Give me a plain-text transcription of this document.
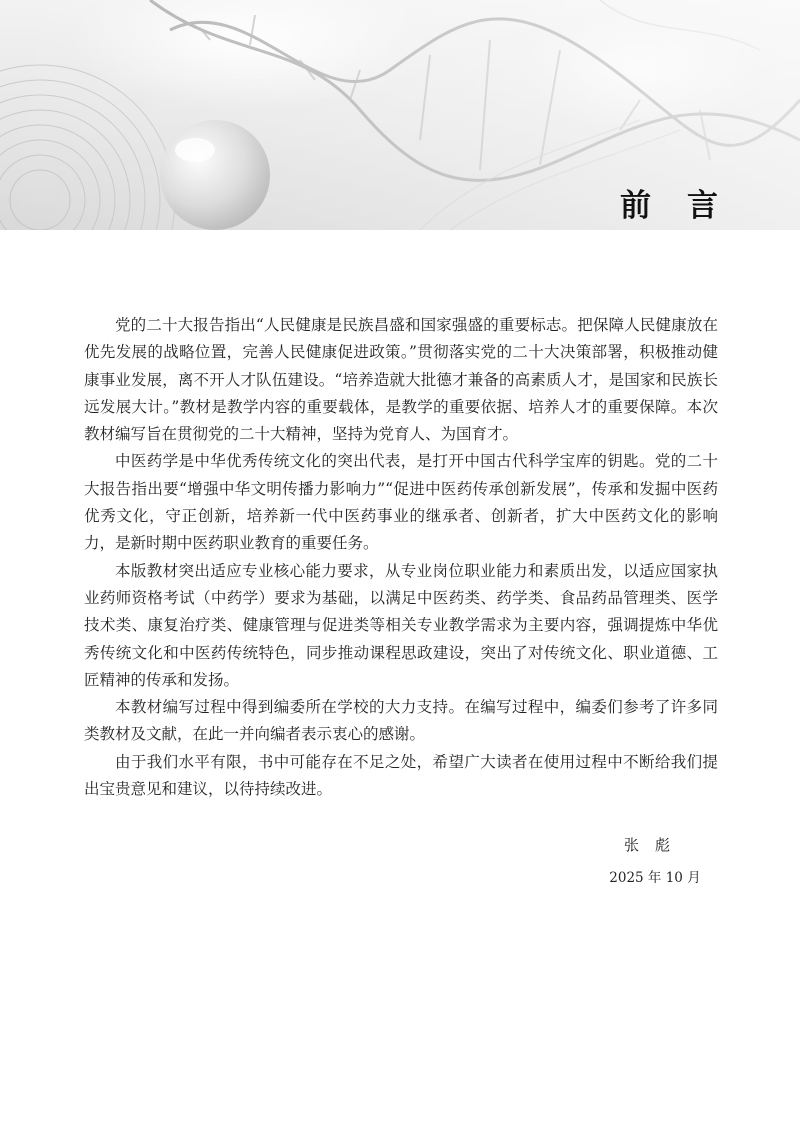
前言

党的二十大报告指出“人民健康是民族昌盛和国家强盛的重要标志。把保障人民健康放在优先发展的战略位置，完善人民健康促进政策。”贯彻落实党的二十大决策部署，积极推动健康事业发展，离不开人才队伍建设。“培养造就大批德才兼备的高素质人才，是国家和民族长远发展大计。”教材是教学内容的重要载体，是教学的重要依据、培养人才的重要保障。本次教材编写旨在贯彻党的二十大精神，坚持为党育人、为国育才。

中医药学是中华优秀传统文化的突出代表，是打开中国古代科学宝库的钥匙。党的二十大报告指出要“增强中华文明传播力影响力”“促进中医药传承创新发展”，传承和发掘中医药优秀文化，守正创新，培养新一代中医药事业的继承者、创新者，扩大中医药文化的影响力，是新时期中医药职业教育的重要任务。

本版教材突出适应专业核心能力要求，从专业岗位职业能力和素质出发，以适应国家执业药师资格考试（中药学）要求为基础，以满足中医药类、药学类、食品药品管理类、医学技术类、康复治疗类、健康管理与促进类等相关专业教学需求为主要内容，强调提炼中华优秀传统文化和中医药传统特色，同步推动课程思政建设，突出了对传统文化、职业道德、工匠精神的传承和发扬。

本教材编写过程中得到编委所在学校的大力支持。在编写过程中，编委们参考了许多同类教材及文献，在此一并向编者表示衷心的感谢。

由于我们水平有限，书中可能存在不足之处，希望广大读者在使用过程中不断给我们提出宝贵意见和建议，以待持续改进。

张彪
2025 年 10 月
